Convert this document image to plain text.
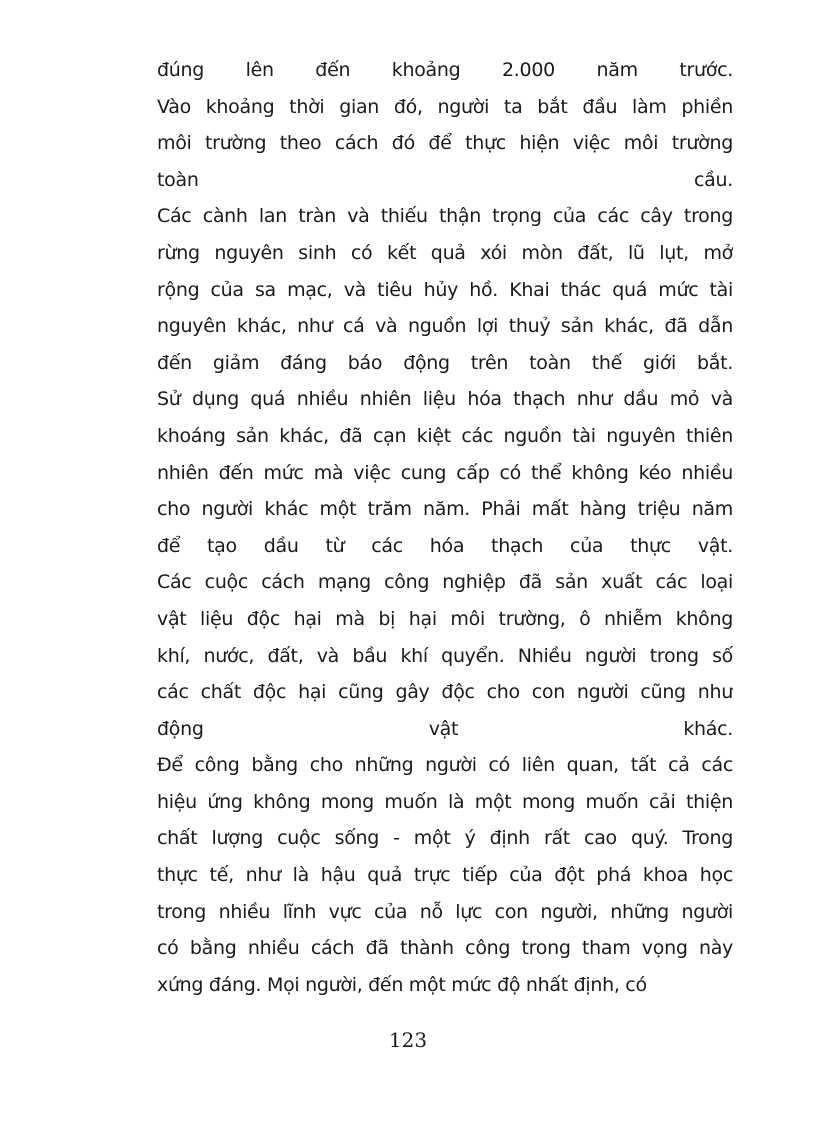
đúng lên đến khoảng 2.000 năm trước.
Vào khoảng thời gian đó, người ta bắt đầu làm phiền
môi trường theo cách đó để thực hiện việc môi trường
toàn cầu.
Các cành lan tràn và thiếu thận trọng của các cây trong
rừng nguyên sinh có kết quả xói mòn đất, lũ lụt, mở
rộng của sa mạc, và tiêu hủy hồ. Khai thác quá mức tài
nguyên khác, như cá và nguồn lợi thuỷ sản khác, đã dẫn
đến giảm đáng báo động trên toàn thế giới bắt.
Sử dụng quá nhiều nhiên liệu hóa thạch như dầu mỏ và
khoáng sản khác, đã cạn kiệt các nguồn tài nguyên thiên
nhiên đến mức mà việc cung cấp có thể không kéo nhiều
cho người khác một trăm năm. Phải mất hàng triệu năm
để tạo dầu từ các hóa thạch của thực vật.
Các cuộc cách mạng công nghiệp đã sản xuất các loại
vật liệu độc hại mà bị hại môi trường, ô nhiễm không
khí, nước, đất, và bầu khí quyển. Nhiều người trong số
các chất độc hại cũng gây độc cho con người cũng như
động vật khác.
Để công bằng cho những người có liên quan, tất cả các
hiệu ứng không mong muốn là một mong muốn cải thiện
chất lượng cuộc sống - một ý định rất cao quý. Trong
thực tế, như là hậu quả trực tiếp của đột phá khoa học
trong nhiều lĩnh vực của nỗ lực con người, những người
có bằng nhiều cách đã thành công trong tham vọng này
xứng đáng. Mọi người, đến một mức độ nhất định, có
123
